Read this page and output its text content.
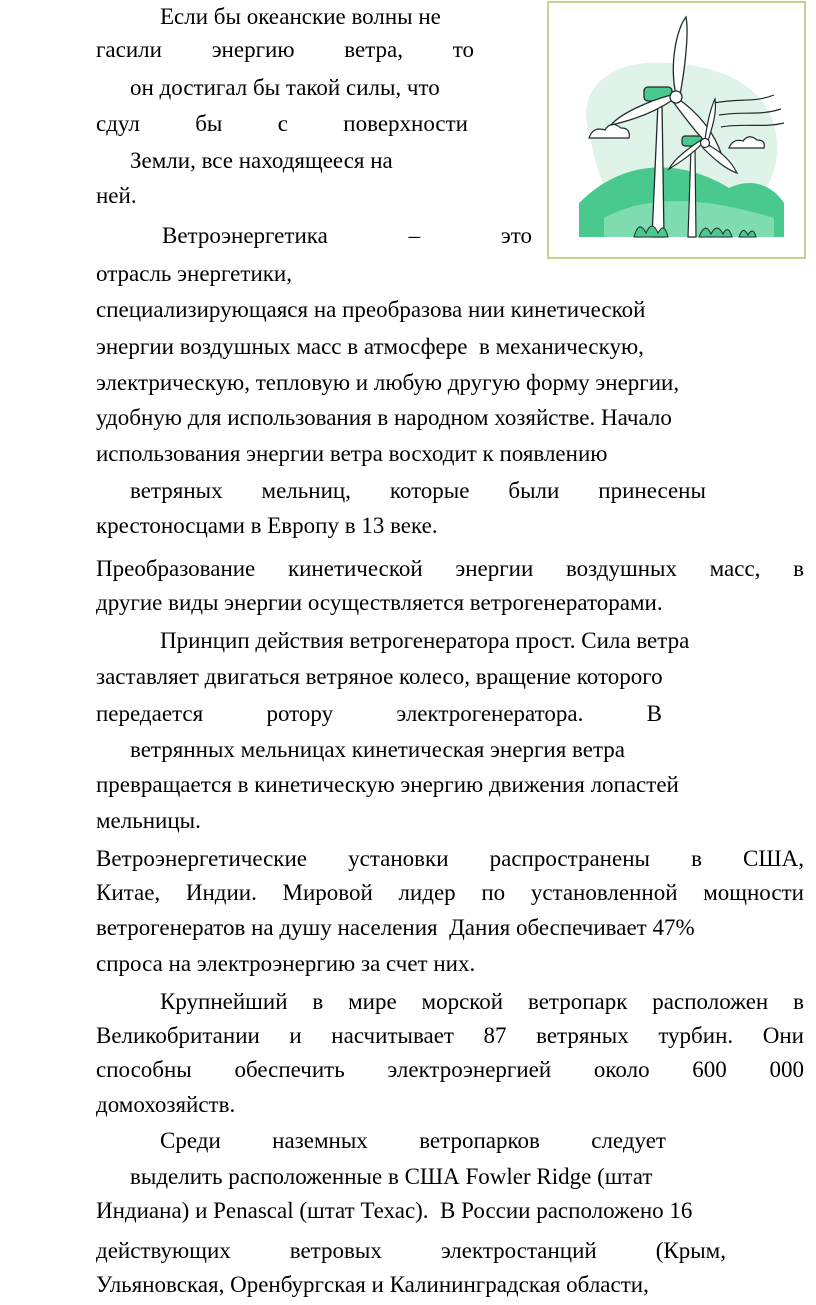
Если бы океанские волны не
гасили энергию ветра, то
он достигал бы такой силы, что
сдул бы с поверхности
Земли, все находящееся на
ней.
Ветроэнергетика	–	это
отрасль энергетики,
специализирующаяся на преобразова нии кинетической
энергии воздушных масс в атмосфере  в механическую,
электрическую, тепловую и любую другую форму энергии,
удобную для использования в народном хозяйстве. Начало
использования энергии ветра восходит к появлению
ветряных мельниц, которые были принесены
крестоносцами в Европу в 13 веке.
Преобразование кинетической энергии воздушных масс, в
другие виды энергии осуществляется ветрогенераторами.
Принцип действия ветрогенератора прост. Сила ветра
заставляет двигаться ветряное колесо, вращение которого
передается	ротору	электрогенератора.	В
ветрянных мельницах кинетическая энергия ветра
превращается в кинетическую энергию движения лопастей
мельницы.
Ветроэнергетические установки распространены в США,
Китае, Индии. Мировой лидер по установленной мощности
ветрогенератов на душу населения  Дания обеспечивает 47%
спроса на электроэнергию за счет них.
Крупнейший в мире морской ветропарк расположен в
Великобритании и насчитывает 87 ветряных турбин. Они
способны обеспечить электроэнергией около 600 000
домохозяйств.
Среди наземных ветропарков следует
выделить расположенные в США Fowler Ridge (штат
Индиана) и Penascal (штат Техас).  В России расположено 16
действующих	ветровых	электростанций	(Крым,
Ульяновская, Оренбургская и Калининградская области,
